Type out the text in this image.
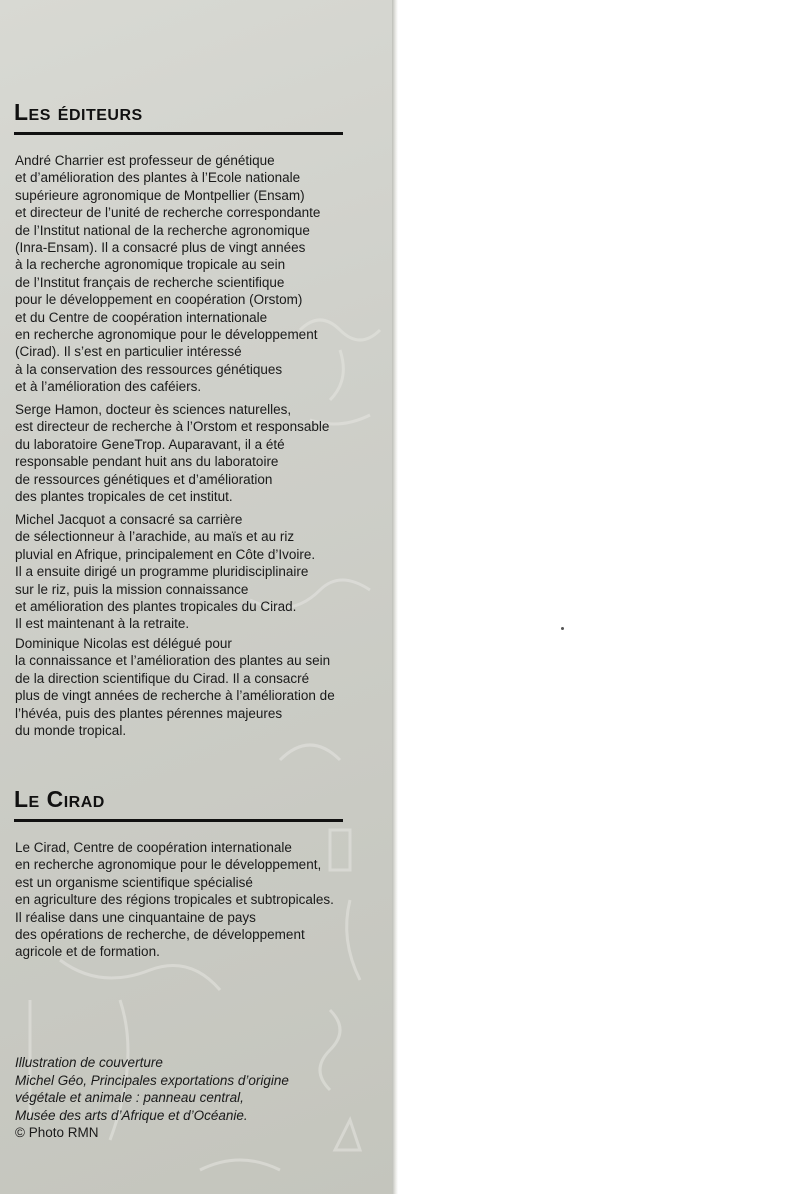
Les éditeurs

André Charrier est professeur de génétique
et d’amélioration des plantes à l’Ecole nationale
supérieure agronomique de Montpellier (Ensam)
et directeur de l’unité de recherche correspondante
de l’Institut national de la recherche agronomique
(Inra-Ensam). Il a consacré plus de vingt années
à la recherche agronomique tropicale au sein
de l’Institut français de recherche scientifique
pour le développement en coopération (Orstom)
et du Centre de coopération internationale
en recherche agronomique pour le développement
(Cirad). Il s’est en particulier intéressé
à la conservation des ressources génétiques
et à l’amélioration des caféiers.

Serge Hamon, docteur ès sciences naturelles,
est directeur de recherche à l’Orstom et responsable
du laboratoire GeneTrop. Auparavant, il a été
responsable pendant huit ans du laboratoire
de ressources génétiques et d’amélioration
des plantes tropicales de cet institut.

Michel Jacquot a consacré sa carrière
de sélectionneur à l’arachide, au maïs et au riz
pluvial en Afrique, principalement en Côte d’Ivoire.
Il a ensuite dirigé un programme pluridisciplinaire
sur le riz, puis la mission connaissance
et amélioration des plantes tropicales du Cirad.
Il est maintenant à la retraite.

Dominique Nicolas est délégué pour
la connaissance et l’amélioration des plantes au sein
de la direction scientifique du Cirad. Il a consacré
plus de vingt années de recherche à l’amélioration de
l’hévéa, puis des plantes pérennes majeures
du monde tropical.

Le Cirad

Le Cirad, Centre de coopération internationale
en recherche agronomique pour le développement,
est un organisme scientifique spécialisé
en agriculture des régions tropicales et subtropicales.
Il réalise dans une cinquantaine de pays
des opérations de recherche, de développement
agricole et de formation.

Illustration de couverture
Michel Géo, Principales exportations d’origine
végétale et animale : panneau central,
Musée des arts d’Afrique et d’Océanie.
© Photo RMN
